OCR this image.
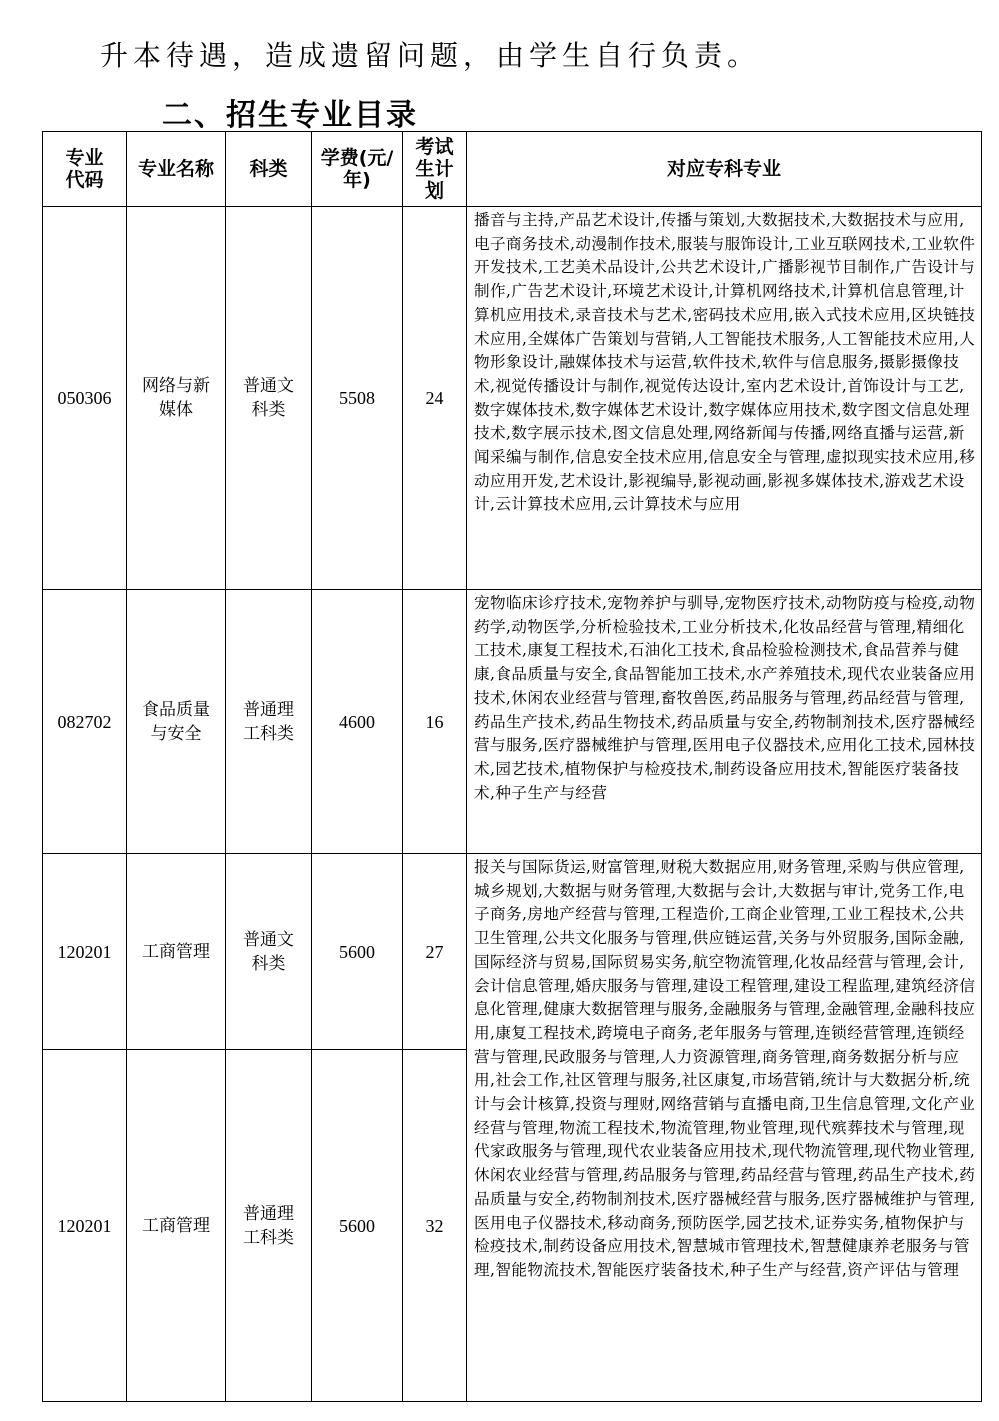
升本待遇，造成遗留问题，由学生自行负责。
二、招生专业目录
专业代码	专业名称	科类	学费(元/年)	考试生计划	对应专科专业
050306	网络与新媒体	普通文科类	5508	24	播音与主持,产品艺术设计,传播与策划,大数据技术,大数据技术与应用,电子商务技术,动漫制作技术,服装与服饰设计,工业互联网技术,工业软件开发技术,工艺美术品设计,公共艺术设计,广播影视节目制作,广告设计与制作,广告艺术设计,环境艺术设计,计算机网络技术,计算机信息管理,计算机应用技术,录音技术与艺术,密码技术应用,嵌入式技术应用,区块链技术应用,全媒体广告策划与营销,人工智能技术服务,人工智能技术应用,人物形象设计,融媒体技术与运营,软件技术,软件与信息服务,摄影摄像技术,视觉传播设计与制作,视觉传达设计,室内艺术设计,首饰设计与工艺,数字媒体技术,数字媒体艺术设计,数字媒体应用技术,数字图文信息处理技术,数字展示技术,图文信息处理,网络新闻与传播,网络直播与运营,新闻采编与制作,信息安全技术应用,信息安全与管理,虚拟现实技术应用,移动应用开发,艺术设计,影视编导,影视动画,影视多媒体技术,游戏艺术设计,云计算技术应用,云计算技术与应用
082702	食品质量与安全	普通理工科类	4600	16	宠物临床诊疗技术,宠物养护与驯导,宠物医疗技术,动物防疫与检疫,动物药学,动物医学,分析检验技术,工业分析技术,化妆品经营与管理,精细化工技术,康复工程技术,石油化工技术,食品检验检测技术,食品营养与健康,食品质量与安全,食品智能加工技术,水产养殖技术,现代农业装备应用技术,休闲农业经营与管理,畜牧兽医,药品服务与管理,药品经营与管理,药品生产技术,药品生物技术,药品质量与安全,药物制剂技术,医疗器械经营与服务,医疗器械维护与管理,医用电子仪器技术,应用化工技术,园林技术,园艺技术,植物保护与检疫技术,制药设备应用技术,智能医疗装备技术,种子生产与经营
120201	工商管理	普通文科类	5600	27	报关与国际货运,财富管理,财税大数据应用,财务管理,采购与供应管理,城乡规划,大数据与财务管理,大数据与会计,大数据与审计,党务工作,电子商务,房地产经营与管理,工程造价,工商企业管理,工业工程技术,公共卫生管理,公共文化服务与管理,供应链运营,关务与外贸服务,国际金融,国际经济与贸易,国际贸易实务,航空物流管理,化妆品经营与管理,会计,会计信息管理,婚庆服务与管理,建设工程管理,建设工程监理,建筑经济信息化管理,健康大数据管理与服务,金融服务与管理,金融管理,金融科技应用,康复工程技术,跨境电子商务,老年服务与管理,连锁经营管理,连锁经营与管理,民政服务与管理,人力资源管理,商务管理,商务数据分析与应用,社会工作,社区管理与服务,社区康复,市场营销,统计与大数据分析,统计与会计核算,投资与理财,网络营销与直播电商,卫生信息管理,文化产业经营与管理,物流工程技术,物流管理,物业管理,现代殡葬技术与管理,现代家政服务与管理,现代农业装备应用技术,现代物流管理,现代物业管理,休闲农业经营与管理,药品服务与管理,药品经营与管理,药品生产技术,药品质量与安全,药物制剂技术,医疗器械经营与服务,医疗器械维护与管理,医用电子仪器技术,移动商务,预防医学,园艺技术,证券实务,植物保护与检疫技术,制药设备应用技术,智慧城市管理技术,智慧健康养老服务与管理,智能物流技术,智能医疗装备技术,种子生产与经营,资产评估与管理
120201	工商管理	普通理工科类	5600	32	
